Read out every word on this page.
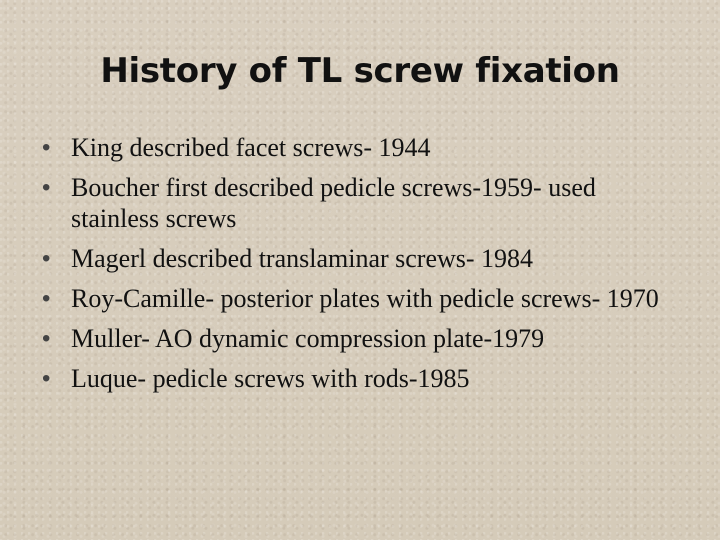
History of TL screw fixation
• King described facet screws- 1944
• Boucher first described pedicle screws-1959- used stainless screws
• Magerl described translaminar screws- 1984
• Roy-Camille- posterior plates with pedicle screws- 1970
• Muller- AO dynamic compression plate-1979
• Luque- pedicle screws with rods-1985
